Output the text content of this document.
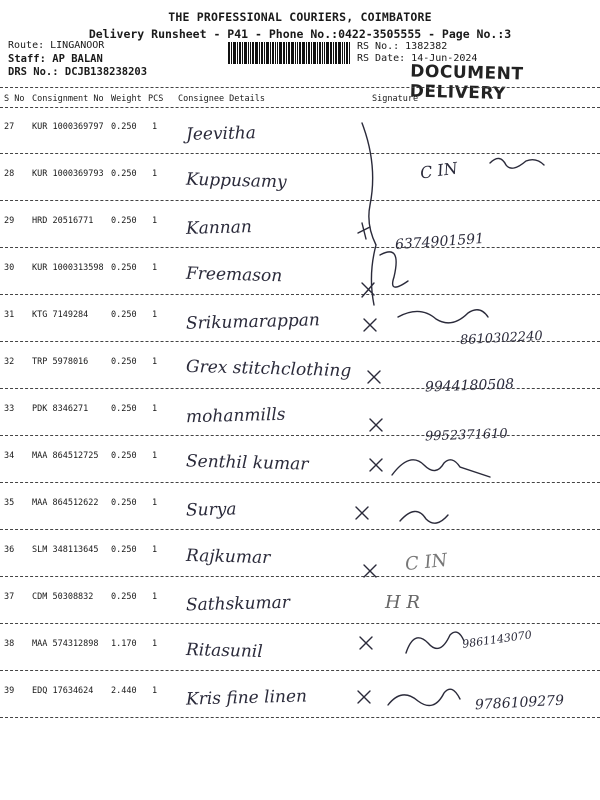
THE PROFESSIONAL COURIERS, COIMBATORE
Delivery Runsheet - P41 - Phone No.:0422-3505555 - Page No.:3
Route: LINGANOOR
Staff: AP BALAN
DRS No.: DCJB138238203
RS No.: 1382382
RS Date: 14-Jun-2024
DOCUMENT DELIVERY
S No Consignment No Weight PCS Consignee Details	Signature
27 KUR 1000369797 0.250 1 Jeevitha
28 KUR 1000369793 0.250 1 Kuppusamy
29 HRD 20516771 0.250 1 Kannan
30 KUR 1000313598 0.250 1 Freemason
31 KTG 7149284	0.250 1 Srikumarappan
32 TRP 5978016	0.250 1 Grex stitchclothing
33 PDK 8346271	0.250 1 mohanmills
34 MAA 864512725 0.250 1 Senthil kumar
35 MAA 864512622 0.250 1 Surya
36 SLM 348113645 0.250 1 Rajkumar
37 CDM 50308832 0.250 1 Sathskumar
38 MAA 574312898 1.170 1 Ritasunil
39 EDQ 17634624 2.440 1 Kris fine linen
C IN
6374901591
8610302240
9944180508
9952371610
C IN
H R
9861143070
9786109279
